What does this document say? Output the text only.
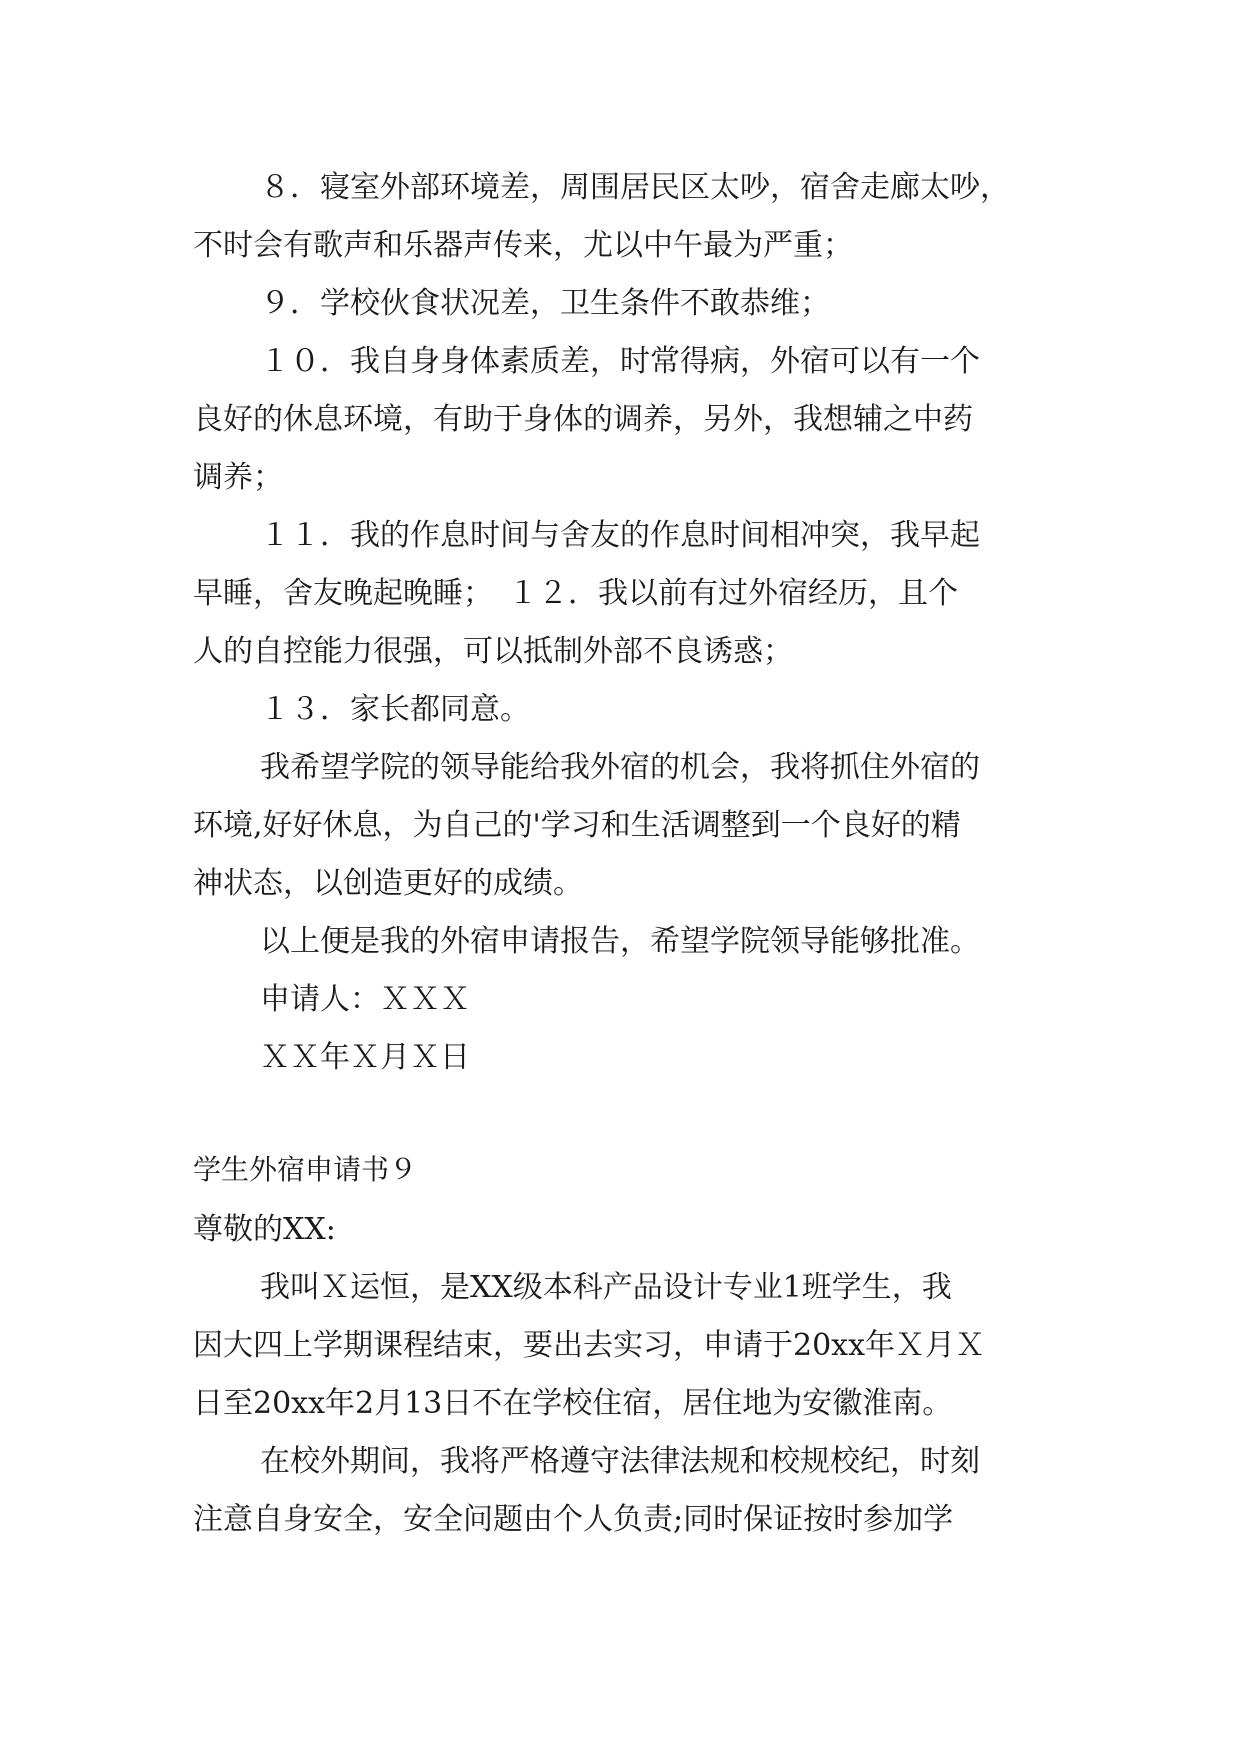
８．寝室外部环境差，周围居民区太吵，宿舍走廊太吵，
不时会有歌声和乐器声传来，尤以中午最为严重；
９．学校伙食状况差，卫生条件不敢恭维；
１０．我自身身体素质差，时常得病，外宿可以有一个
良好的休息环境，有助于身体的调养，另外，我想辅之中药
调养；
１１．我的作息时间与舍友的作息时间相冲突，我早起
早睡，舍友晚起晚睡；　１２．我以前有过外宿经历，且个
人的自控能力很强，可以抵制外部不良诱惑；
１３．家长都同意。
我希望学院的领导能给我外宿的机会，我将抓住外宿的
环境,好好休息，为自己的'学习和生活调整到一个良好的精
神状态，以创造更好的成绩。
以上便是我的外宿申请报告，希望学院领导能够批准。
申请人：ＸＸＸ
ＸＸ年Ｘ月Ｘ日
学生外宿申请书９
尊敬的XX:
我叫Ｘ运恒，是XX级本科产品设计专业1班学生，我
因大四上学期课程结束，要出去实习，申请于20xx年Ｘ月Ｘ
日至20xx年2月13日不在学校住宿，居住地为安徽淮南。
在校外期间，我将严格遵守法律法规和校规校纪，时刻
注意自身安全，安全问题由个人负责;同时保证按时参加学
